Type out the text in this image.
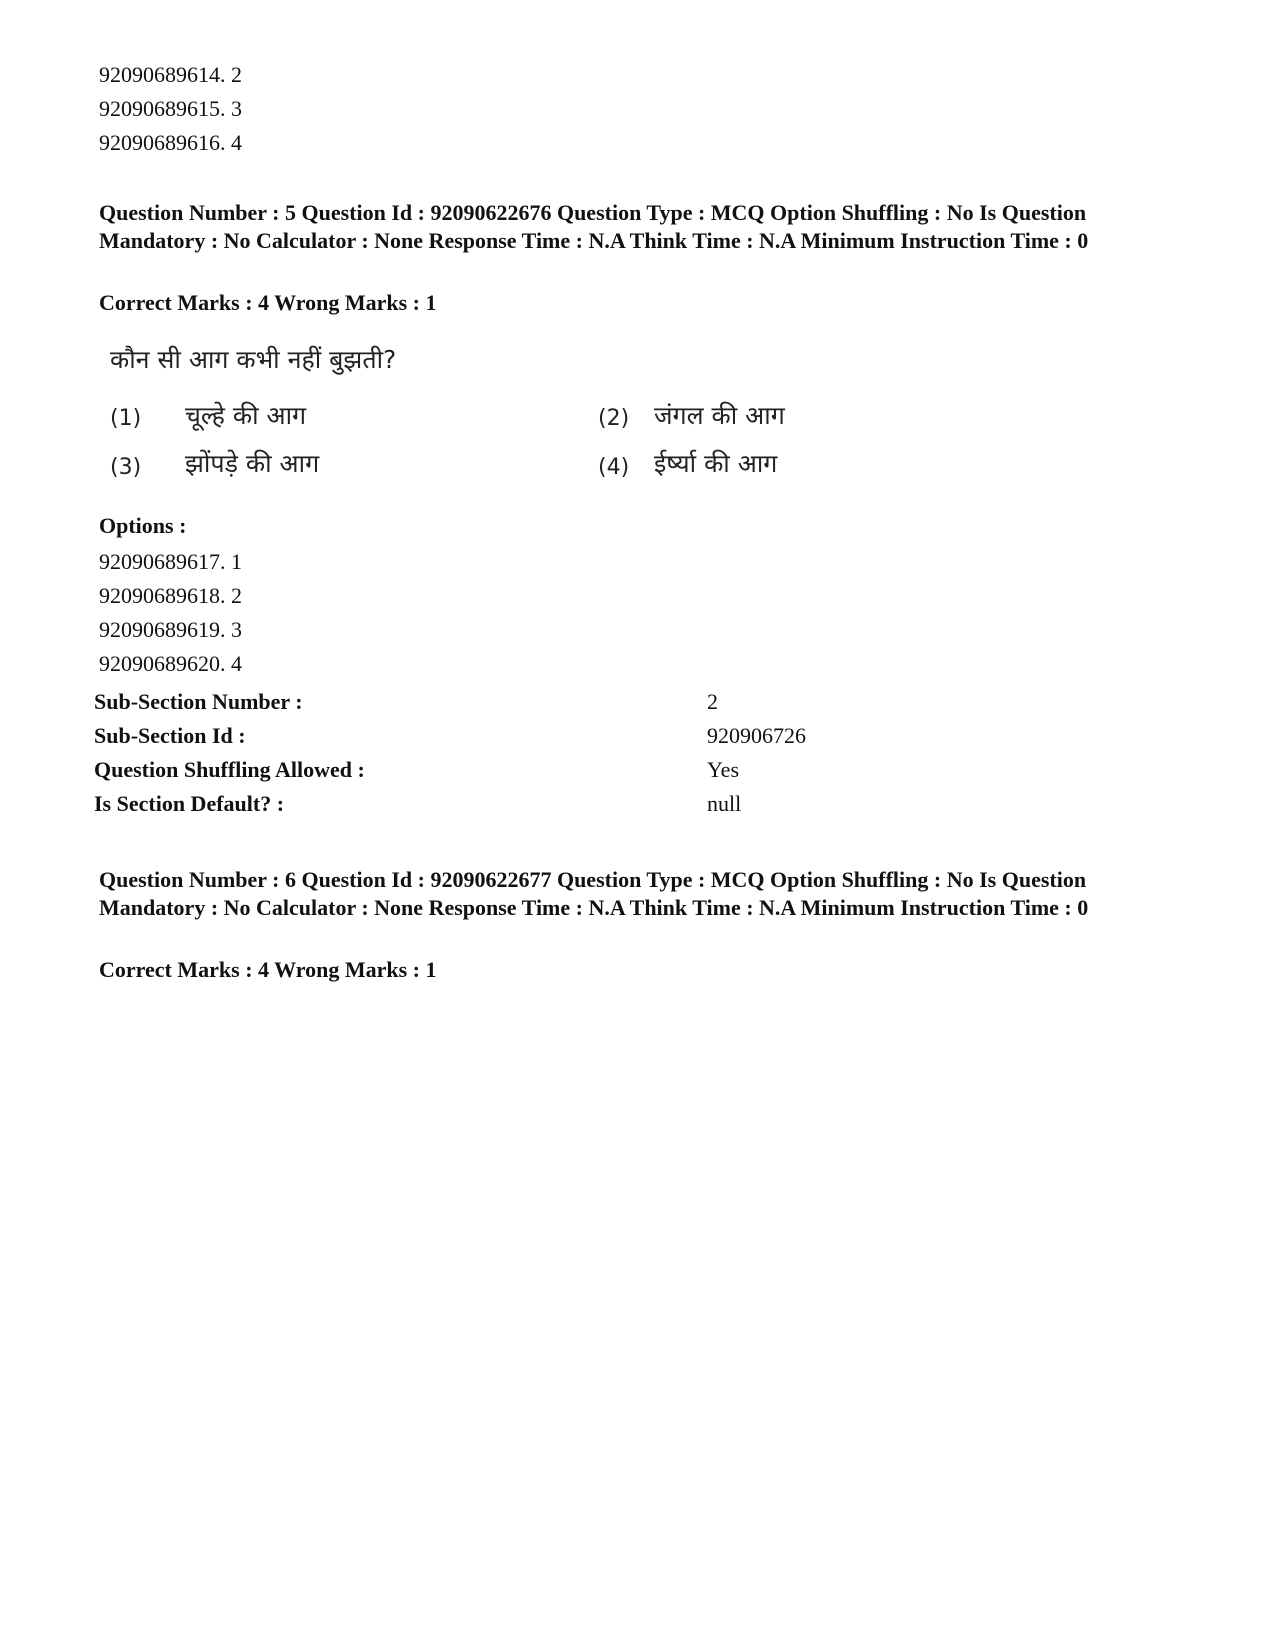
92090689614. 2
92090689615. 3
92090689616. 4
Question Number : 5 Question Id : 92090622676 Question Type : MCQ Option Shuffling : No Is Question Mandatory : No Calculator : None Response Time : N.A Think Time : N.A Minimum Instruction Time : 0
Correct Marks : 4 Wrong Marks : 1
कौन सी आग कभी नहीं बुझती?
(1) चूल्हे की आग	(2) जंगल की आग
(3) झोंपड़े की आग	(4) ईर्ष्या की आग
Options :
92090689617. 1
92090689618. 2
92090689619. 3
92090689620. 4
Sub-Section Number :	2
Sub-Section Id :	920906726
Question Shuffling Allowed :	Yes
Is Section Default? :	null
Question Number : 6 Question Id : 92090622677 Question Type : MCQ Option Shuffling : No Is Question Mandatory : No Calculator : None Response Time : N.A Think Time : N.A Minimum Instruction Time : 0
Correct Marks : 4 Wrong Marks : 1
